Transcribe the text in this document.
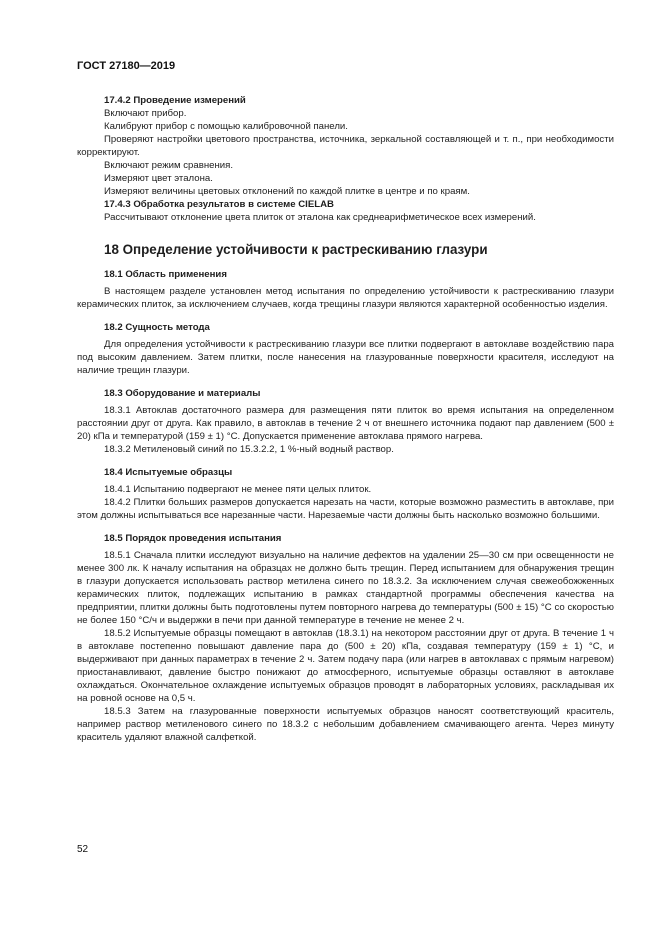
ГОСТ 27180—2019
17.4.2 Проведение измерений

Включают прибор.

Калибруют прибор с помощью калибровочной панели.

Проверяют настройки цветового пространства, источника, зеркальной составляющей и т. п., при необходимости корректируют.

Включают режим сравнения.

Измеряют цвет эталона.

Измеряют величины цветовых отклонений по каждой плитке в центре и по краям.

17.4.3 Обработка результатов в системе CIELAB

Рассчитывают отклонение цвета плиток от эталона как среднеарифметическое всех измерений.

18 Определение устойчивости к растрескиванию глазури
18.1 Область применения

В настоящем разделе установлен метод испытания по определению устойчивости к растрескиванию глазури керамических плиток, за исключением случаев, когда трещины глазури являются характерной особенностью изделия.

18.2 Сущность метода

Для определения устойчивости к растрескиванию глазури все плитки подвергают в автоклаве воздействию пара под высоким давлением. Затем плитки, после нанесения на глазурованные поверхности красителя, исследуют на наличие трещин глазури.

18.3 Оборудование и материалы

18.3.1 Автоклав достаточного размера для размещения пяти плиток во время испытания на определенном расстоянии друг от друга. Как правило, в автоклав в течение 2 ч от внешнего источника подают пар давлением (500 ± 20) кПа и температурой (159 ± 1) °С. Допускается применение автоклава прямого нагрева.

18.3.2 Метиленовый синий по 15.3.2.2, 1 %-ный водный раствор.

18.4 Испытуемые образцы

18.4.1 Испытанию подвергают не менее пяти целых плиток.

18.4.2 Плитки больших размеров допускается нарезать на части, которые возможно разместить в автоклаве, при этом должны испытываться все нарезанные части. Нарезаемые части должны быть насколько возможно большими.

18.5 Порядок проведения испытания

18.5.1 Сначала плитки исследуют визуально на наличие дефектов на удалении 25—30 см при освещенности не менее 300 лк. К началу испытания на образцах не должно быть трещин. Перед испытанием для обнаружения трещин в глазури допускается использовать раствор метилена синего по 18.3.2. За исключением случая свежеобожженных керамических плиток, подлежащих испытанию в рамках стандартной программы обеспечения качества на предприятии, плитки должны быть подготовлены путем повторного нагрева до температуры (500 ± 15) °С со скоростью не более 150 °С/ч и выдержки в печи при данной температуре в течение не менее 2 ч.

18.5.2 Испытуемые образцы помещают в автоклав (18.3.1) на некотором расстоянии друг от друга. В течение 1 ч в автоклаве постепенно повышают давление пара до (500 ± 20) кПа, создавая температуру (159 ± 1) °С, и выдерживают при данных параметрах в течение 2 ч. Затем подачу пара (или нагрев в автоклавах с прямым нагревом) приостанавливают, давление быстро понижают до атмосферного, испытуемые образцы оставляют в автоклаве охлаждаться. Окончательное охлаждение испытуемых образцов проводят в лабораторных условиях, раскладывая их на ровной основе на 0,5 ч.

18.5.3 Затем на глазурованные поверхности испытуемых образцов наносят соответствующий краситель, например раствор метиленового синего по 18.3.2 с небольшим добавлением смачивающего агента. Через минуту краситель удаляют влажной салфеткой.

52
